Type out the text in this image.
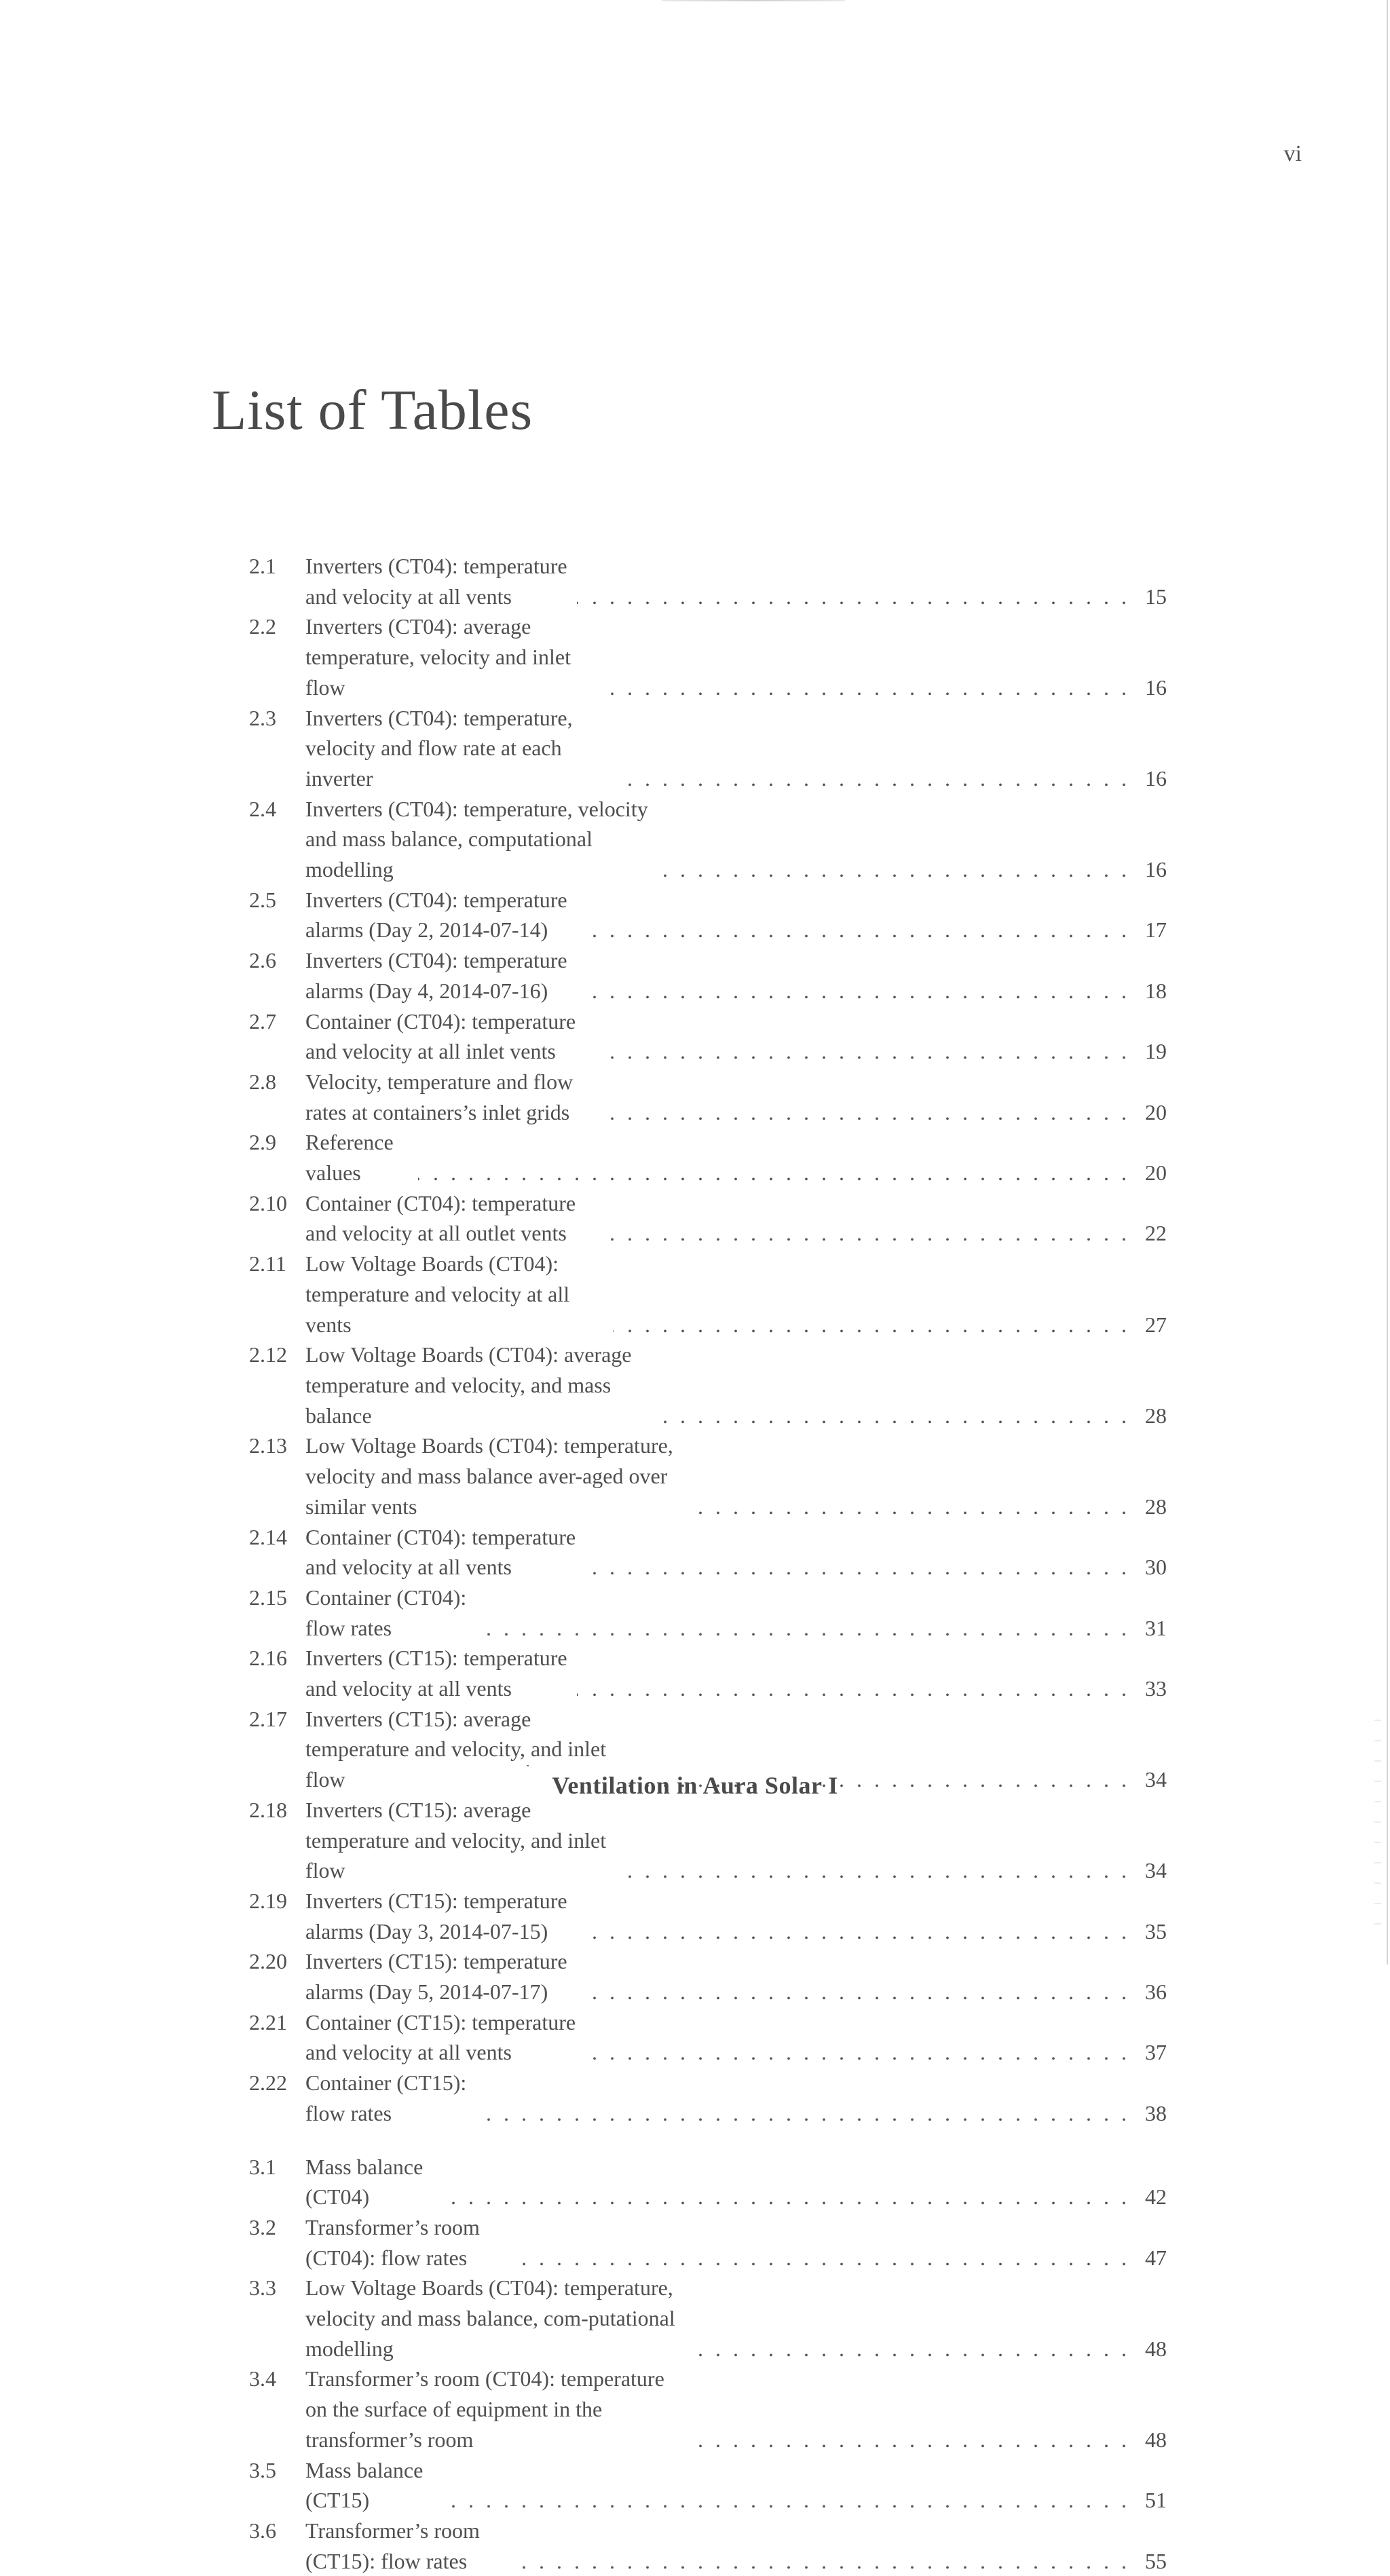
vi
List of Tables
2.1	Inverters (CT04): temperature and velocity at all vents . . .	15
2.2	Inverters (CT04): average temperature, velocity and inlet flow . . .	16
2.3	Inverters (CT04): temperature, velocity and flow rate at each inverter . . .	16
2.4	Inverters (CT04): temperature, velocity and mass balance, computational modelling . . .	16
2.5	Inverters (CT04): temperature alarms (Day 2, 2014-07-14) . . .	17
2.6	Inverters (CT04): temperature alarms (Day 4, 2014-07-16) . . .	18
2.7	Container (CT04): temperature and velocity at all inlet vents . . .	19
2.8	Velocity, temperature and flow rates at containers’s inlet grids . . .	20
2.9	Reference values . . .	20
2.10 Container (CT04): temperature and velocity at all outlet vents . . .	22
2.11 Low Voltage Boards (CT04): temperature and velocity at all vents . . .	27
2.12 Low Voltage Boards (CT04): average temperature and velocity, and mass balance . . .	28
2.13 Low Voltage Boards (CT04): temperature, velocity and mass balance aver-aged over similar vents . . .	28
2.14 Container (CT04): temperature and velocity at all vents . . .	30
2.15 Container (CT04): flow rates . . .	31
2.16 Inverters (CT15): temperature and velocity at all vents . . .	33
2.17 Inverters (CT15): average temperature and velocity, and inlet flow . . .	34
2.18 Inverters (CT15): average temperature and velocity, and inlet flow . . .	34
2.19 Inverters (CT15): temperature alarms (Day 3, 2014-07-15) . . .	35
2.20 Inverters (CT15): temperature alarms (Day 5, 2014-07-17) . . .	36
2.21 Container (CT15): temperature and velocity at all vents . . .	37
2.22 Container (CT15): flow rates . . .	38
3.1	Mass balance (CT04) . . .	42
3.2	Transformer’s room (CT04): flow rates . . .	47
3.3	Low Voltage Boards (CT04): temperature, velocity and mass balance, com-putational modelling . . .	48
3.4	Transformer’s room (CT04): temperature on the surface of equipment in the transformer’s room . . .	48
3.5	Mass balance (CT15) . . .	51
3.6	Transformer’s room (CT15): flow rates . . .	55
Ventilation in Aura Solar I
